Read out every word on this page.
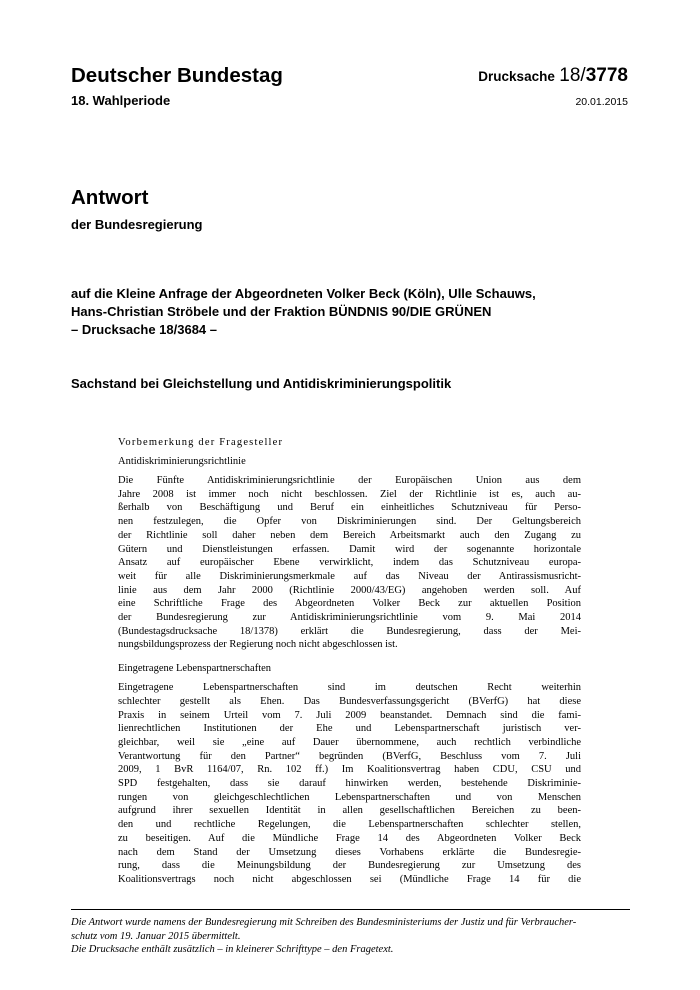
Deutscher Bundestag
18. Wahlperiode
Drucksache 18/3778
20.01.2015
Antwort
der Bundesregierung
auf die Kleine Anfrage der Abgeordneten Volker Beck (Köln), Ulle Schauws,
Hans-Christian Ströbele und der Fraktion BÜNDNIS 90/DIE GRÜNEN
– Drucksache 18/3684 –
Sachstand bei Gleichstellung und Antidiskriminierungspolitik
Vorbemerkung der Fragesteller
Antidiskriminierungsrichtlinie
Die Fünfte Antidiskriminierungsrichtlinie der Europäischen Union aus dem
Jahre 2008 ist immer noch nicht beschlossen. Ziel der Richtlinie ist es, auch au-
ßerhalb von Beschäftigung und Beruf ein einheitliches Schutzniveau für Perso-
nen festzulegen, die Opfer von Diskriminierungen sind. Der Geltungsbereich
der Richtlinie soll daher neben dem Bereich Arbeitsmarkt auch den Zugang zu
Gütern und Dienstleistungen erfassen. Damit wird der sogenannte horizontale
Ansatz auf europäischer Ebene verwirklicht, indem das Schutzniveau europa-
weit für alle Diskriminierungsmerkmale auf das Niveau der Antirassismusricht-
linie aus dem Jahr 2000 (Richtlinie 2000/43/EG) angehoben werden soll. Auf
eine Schriftliche Frage des Abgeordneten Volker Beck zur aktuellen Position
der Bundesregierung zur Antidiskriminierungsrichtlinie vom 9. Mai 2014
(Bundestagsdrucksache 18/1378) erklärt die Bundesregierung, dass der Mei-
nungsbildungsprozess der Regierung noch nicht abgeschlossen ist.
Eingetragene Lebenspartnerschaften
Eingetragene Lebenspartnerschaften sind im deutschen Recht weiterhin
schlechter gestellt als Ehen. Das Bundesverfassungsgericht (BVerfG) hat diese
Praxis in seinem Urteil vom 7. Juli 2009 beanstandet. Demnach sind die fami-
lienrechtlichen Institutionen der Ehe und Lebenspartnerschaft juristisch ver-
gleichbar, weil sie „eine auf Dauer übernommene, auch rechtlich verbindliche
Verantwortung für den Partner“ begründen (BVerfG, Beschluss vom 7. Juli
2009, 1 BvR 1164/07, Rn. 102 ff.) Im Koalitionsvertrag haben CDU, CSU und
SPD festgehalten, dass sie darauf hinwirken werden, bestehende Diskriminie-
rungen von gleichgeschlechtlichen Lebenspartnerschaften und von Menschen
aufgrund ihrer sexuellen Identität in allen gesellschaftlichen Bereichen zu been-
den und rechtliche Regelungen, die Lebenspartnerschaften schlechter stellen,
zu beseitigen. Auf die Mündliche Frage 14 des Abgeordneten Volker Beck
nach dem Stand der Umsetzung dieses Vorhabens erklärte die Bundesregie-
rung, dass die Meinungsbildung der Bundesregierung zur Umsetzung des
Koalitionsvertrags noch nicht abgeschlossen sei (Mündliche Frage 14 für die
Die Antwort wurde namens der Bundesregierung mit Schreiben des Bundesministeriums der Justiz und für Verbraucher-
schutz vom 19. Januar 2015 übermittelt.
Die Drucksache enthält zusätzlich – in kleinerer Schrifttype – den Fragetext.
